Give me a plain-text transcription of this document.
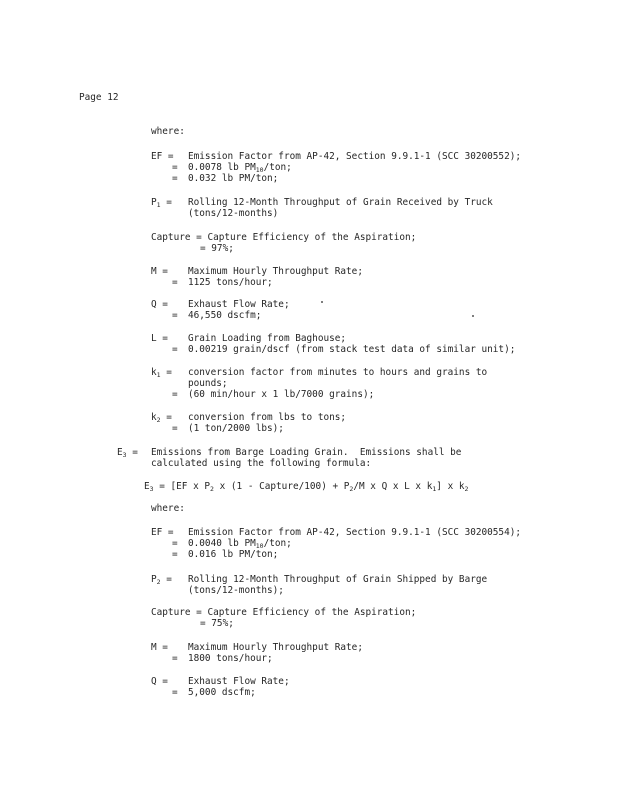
Page 12
where:
EF = Emission Factor from AP-42, Section 9.9.1-1 (SCC 30200552);
= 0.0078 lb $PM_{10}$/ton;
= 0.032 lb PM/ton;
$P_1$ = Rolling 12-Month Throughput of Grain Received by Truck
(tons/12-months)
Capture = Capture Efficiency of the Aspiration;
= 97%;
M = Maximum Hourly Throughput Rate;
= 1125 tons/hour;
Q = Exhaust Flow Rate;
= 46,550 dscfm;
L = Grain Loading from Baghouse;
= 0.00219 grain/dscf (from stack test data of similar unit);
$k_1$ = conversion factor from minutes to hours and grains to
pounds;
= (60 min/hour x 1 lb/7000 grains);
$k_2$ = conversion from lbs to tons;
= (1 ton/2000 lbs);
$E_3$ = Emissions from Barge Loading Grain.  Emissions shall be
calculated using the following formula:
$E_3 = [EF$ x $P_2$ x (1 - Capture/100) + $P_2/M$ x Q x L x $k_1$] x $k_2$
where:
EF = Emission Factor from AP-42, Section 9.9.1-1 (SCC 30200554);
= 0.0040 lb $PM_{10}$/ton;
= 0.016 lb PM/ton;
$P_2$ = Rolling 12-Month Throughput of Grain Shipped by Barge
(tons/12-months);
Capture = Capture Efficiency of the Aspiration;
= 75%;
M = Maximum Hourly Throughput Rate;
= 1800 tons/hour;
Q = Exhaust Flow Rate;
= 5,000 dscfm;
